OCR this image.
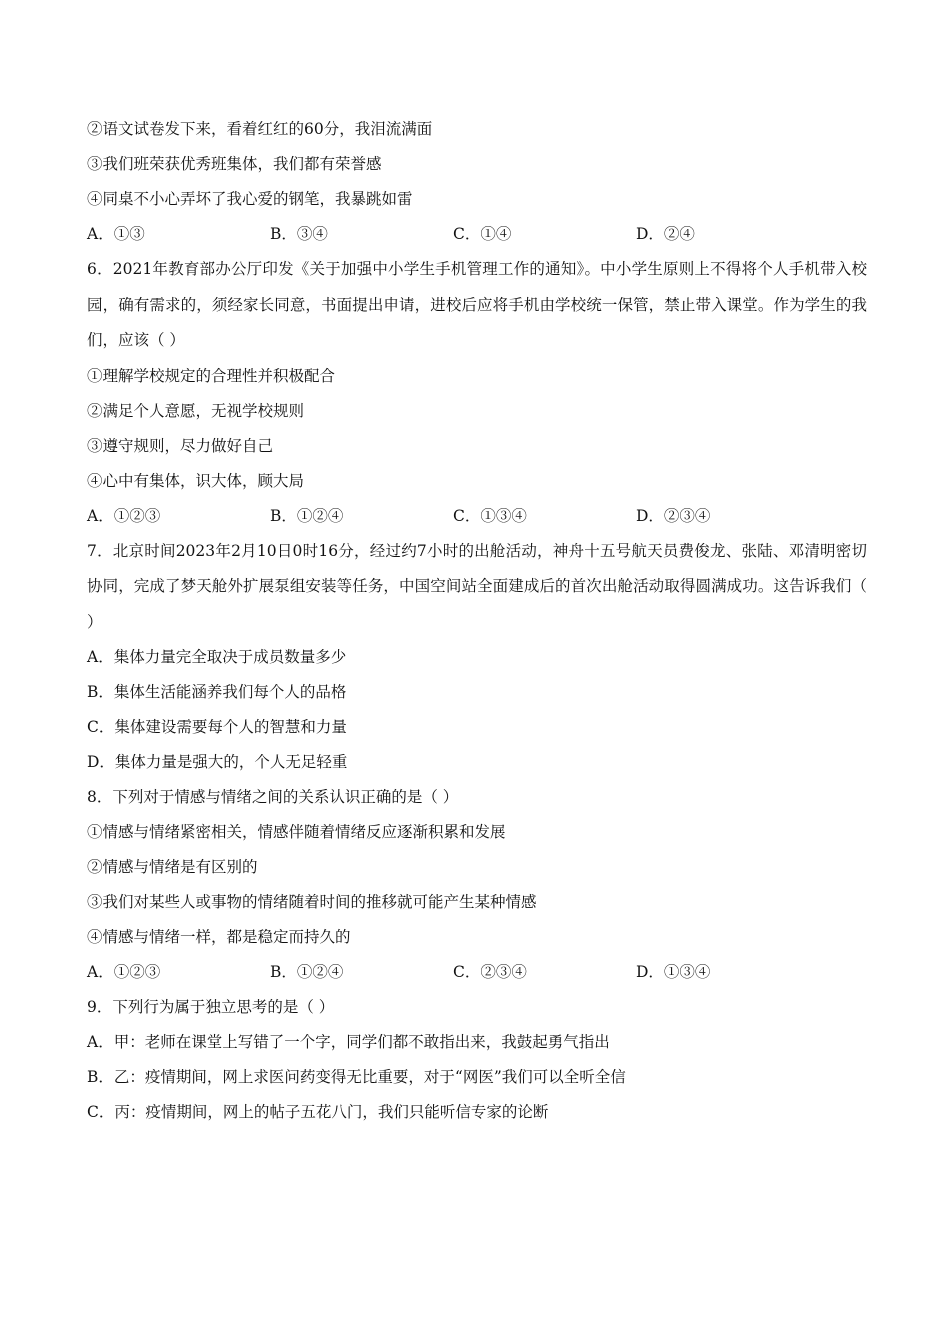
②语文试卷发下来，看着红红的60分，我泪流满面
③我们班荣获优秀班集体，我们都有荣誉感
④同桌不小心弄坏了我心爱的钢笔，我暴跳如雷
A．①③	B．③④	C．①④	D．②④
6．2021年教育部办公厅印发《关于加强中小学生手机管理工作的通知》。中小学生原则上不得将个人手机带入校园，确有需求的，须经家长同意，书面提出申请，进校后应将手机由学校统一保管，禁止带入课堂。作为学生的我们，应该（ ）
①理解学校规定的合理性并积极配合
②满足个人意愿，无视学校规则
③遵守规则，尽力做好自己
④心中有集体，识大体，顾大局
A．①②③	B．①②④	C．①③④	D．②③④
7．北京时间2023年2月10日0时16分，经过约7小时的出舱活动，神舟十五号航天员费俊龙、张陆、邓清明密切协同，完成了梦天舱外扩展泵组安装等任务，中国空间站全面建成后的首次出舱活动取得圆满成功。这告诉我们（ ）
A．集体力量完全取决于成员数量多少
B．集体生活能涵养我们每个人的品格
C．集体建设需要每个人的智慧和力量
D．集体力量是强大的，个人无足轻重
8．下列对于情感与情绪之间的关系认识正确的是（ ）
①情感与情绪紧密相关，情感伴随着情绪反应逐渐积累和发展
②情感与情绪是有区别的
③我们对某些人或事物的情绪随着时间的推移就可能产生某种情感
④情感与情绪一样，都是稳定而持久的
A．①②③	B．①②④	C．②③④	D．①③④
9．下列行为属于独立思考的是（ ）
A．甲：老师在课堂上写错了一个字，同学们都不敢指出来，我鼓起勇气指出
B．乙：疫情期间，网上求医问药变得无比重要，对于“网医”我们可以全听全信
C．丙：疫情期间，网上的帖子五花八门，我们只能听信专家的论断
